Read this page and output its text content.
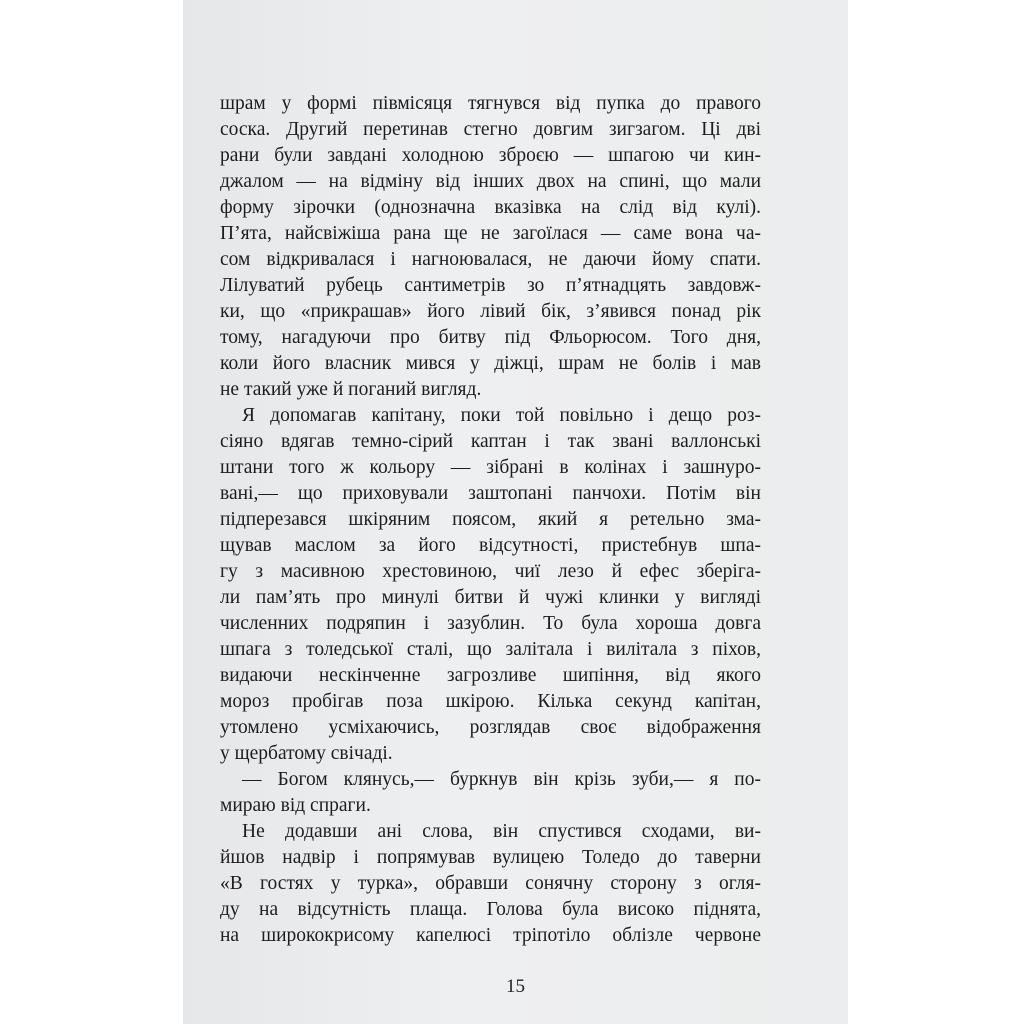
шрам у формі півмісяця тягнувся від пупка до правого
соска. Другий перетинав стегно довгим зигзагом. Ці дві
рани були завдані холодною зброєю — шпагою чи кин-
джалом — на відміну від інших двох на спині, що мали
форму зірочки (однозначна вказівка на слід від кулі).
П’ята, найсвіжіша рана ще не загоїлася — саме вона ча-
сом відкривалася і нагноювалася, не даючи йому спати.
Лілуватий рубець сантиметрів зо п’ятнадцять завдовж-
ки, що «прикрашав» його лівий бік, з’явився понад рік
тому, нагадуючи про битву під Фльорюсом. Того дня,
коли його власник мився у діжці, шрам не болів і мав
не такий уже й поганий вигляд.
Я допомагав капітану, поки той повільно і дещо роз-
сіяно вдягав темно-сірий каптан і так звані валлонські
штани того ж кольору — зібрані в колінах і зашнуро-
вані,— що приховували заштопані панчохи. Потім він
підперезався шкіряним поясом, який я ретельно зма-
щував маслом за його відсутності, пристебнув шпа-
гу з масивною хрестовиною, чиї лезо й ефес зберіга-
ли пам’ять про минулі битви й чужі клинки у вигляді
численних подряпин і зазублин. То була хороша довга
шпага з толедської сталі, що залітала і вилітала з піхов,
видаючи нескінченне загрозливе шипіння, від якого
мороз пробігав поза шкірою. Кілька секунд капітан,
утомлено усміхаючись, розглядав своє відображення
у щербатому свічаді.
— Богом клянусь,— буркнув він крізь зуби,— я по-
мираю від спраги.
Не додавши ані слова, він спустився сходами, ви-
йшов надвір і попрямував вулицею Толедо до таверни
«В гостях у турка», обравши сонячну сторону з огля-
ду на відсутність плаща. Голова була високо піднята,
на ширококрисому капелюсі тріпотіло облізле червоне
15
